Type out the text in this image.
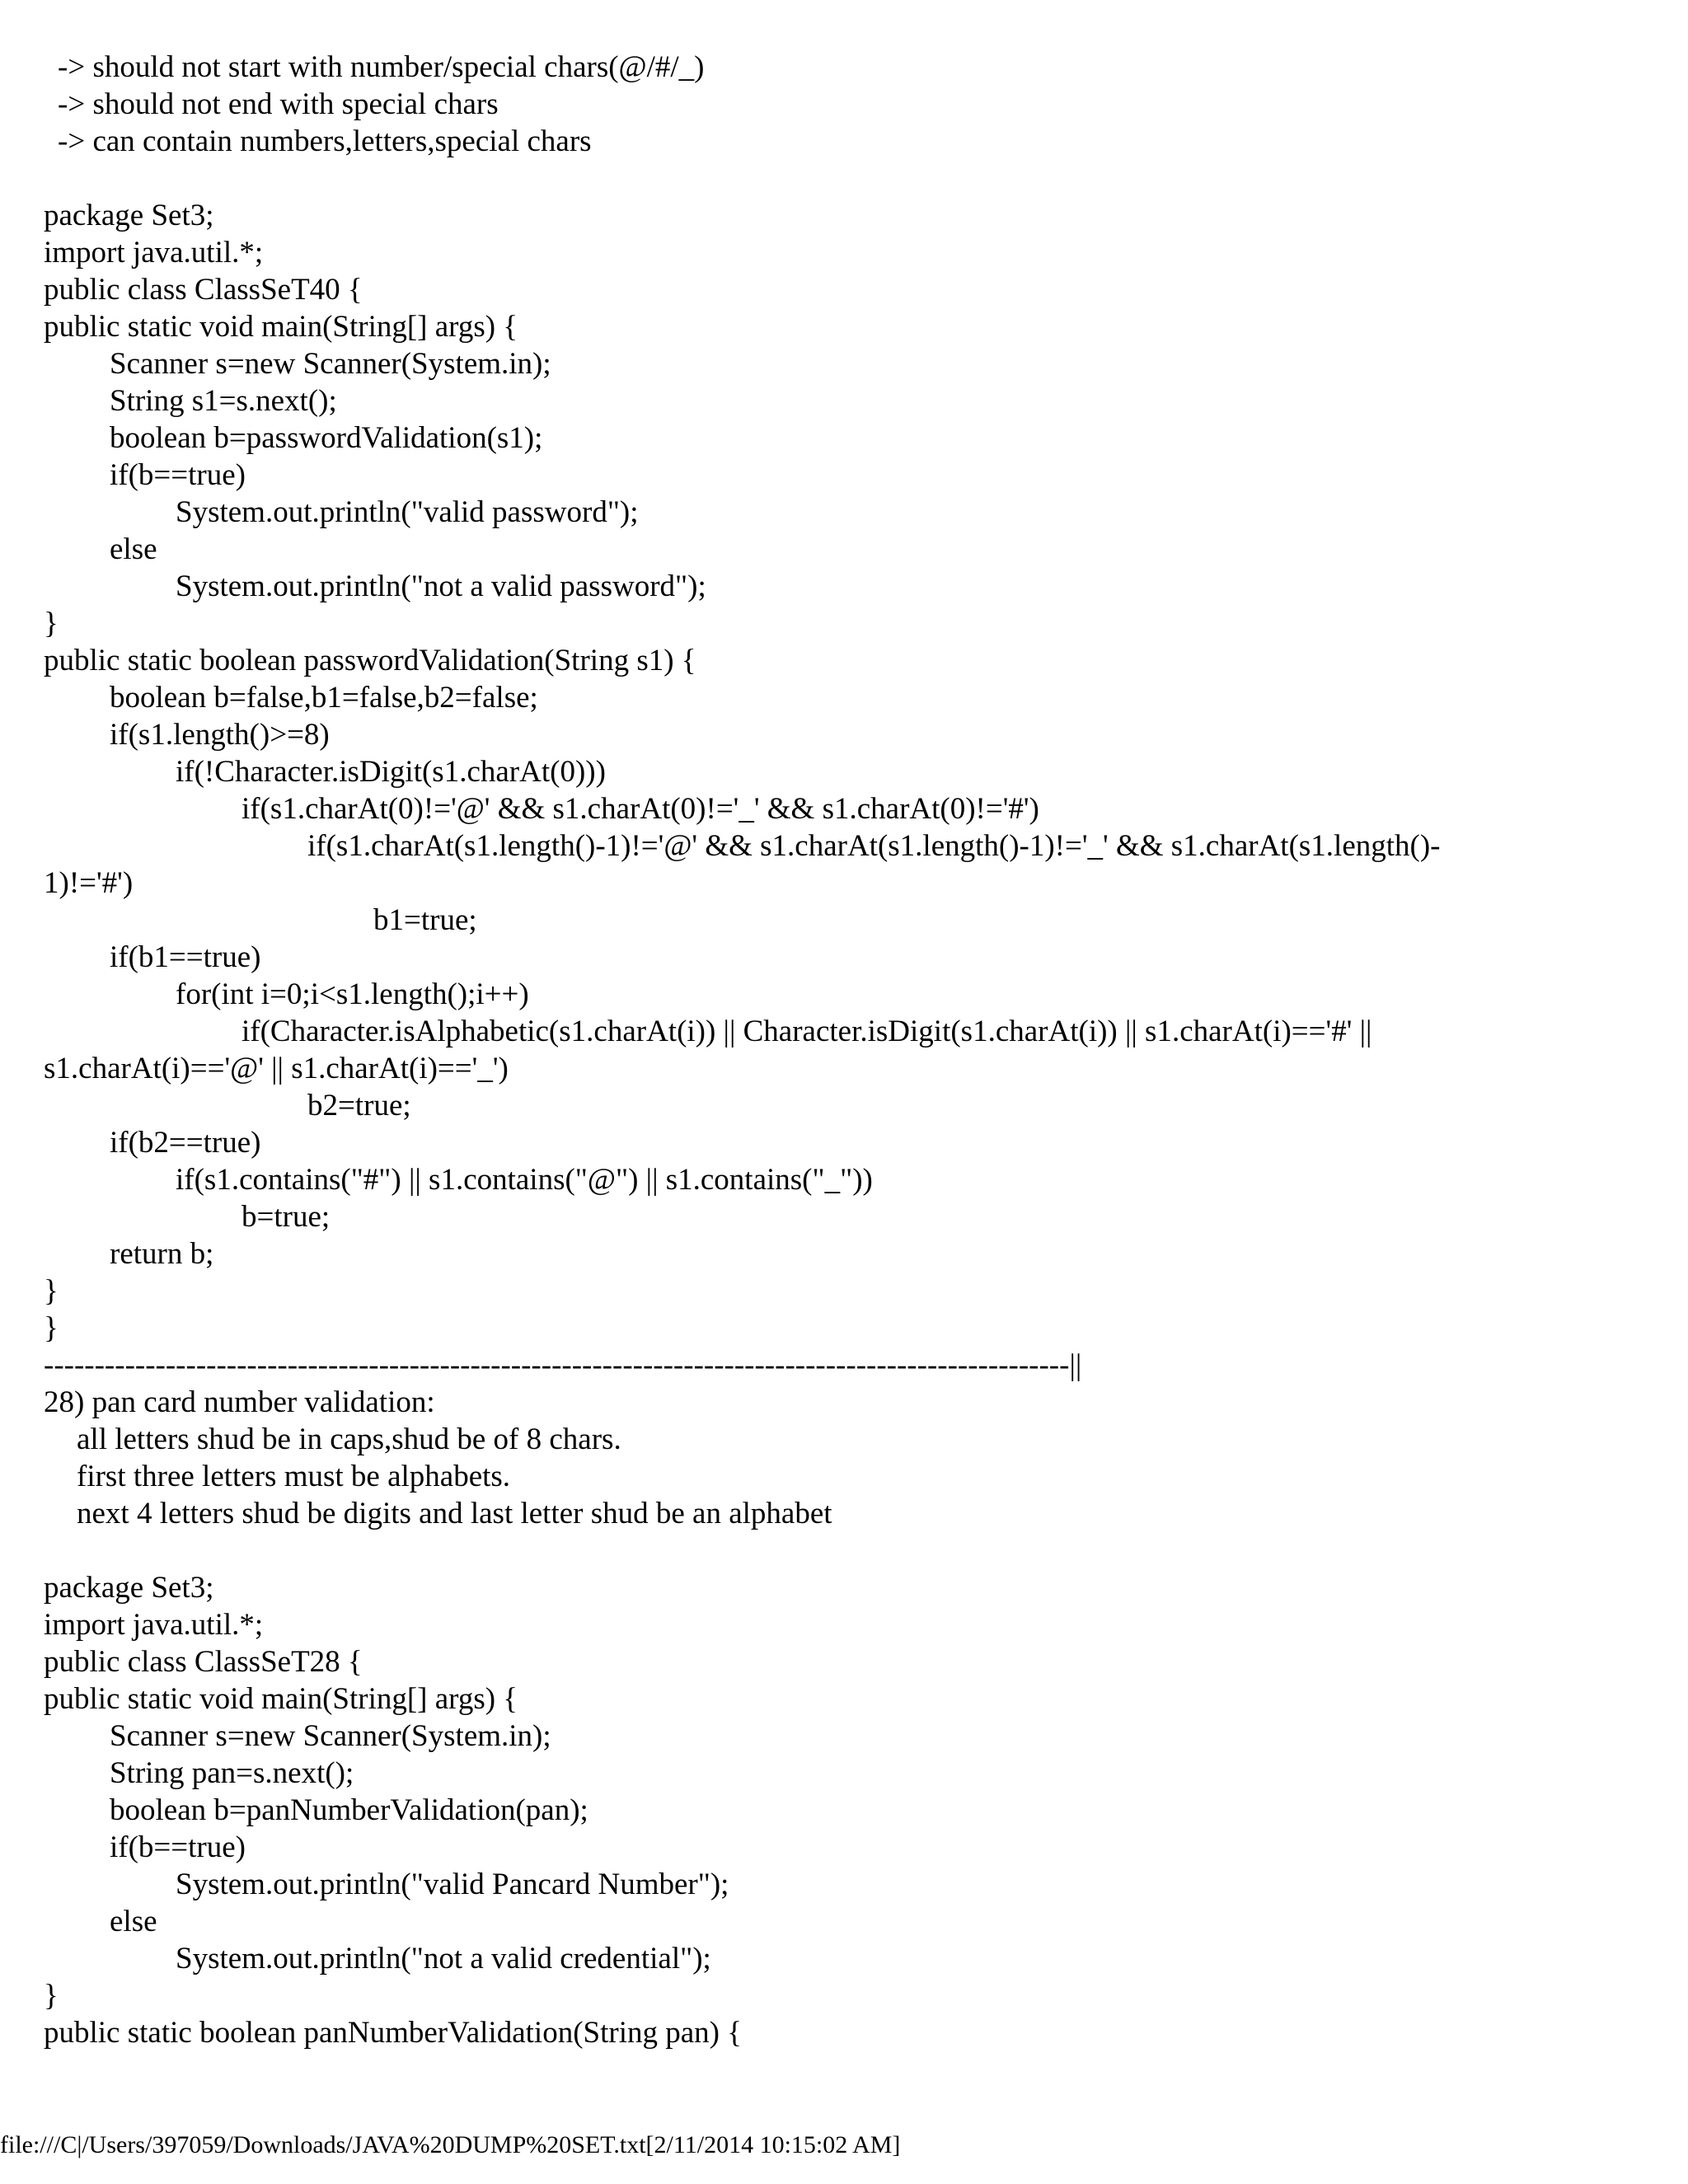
-> should not start with number/special chars(@/#/_)
-> should not end with special chars
-> can contain numbers,letters,special chars
package Set3;
import java.util.*;
public class ClassSeT40 {
public static void main(String[] args) {
Scanner s=new Scanner(System.in);
String s1=s.next();
boolean b=passwordValidation(s1);
if(b==true)
System.out.println("valid password");
else
System.out.println("not a valid password");
}
public static boolean passwordValidation(String s1) {
boolean b=false,b1=false,b2=false;
if(s1.length()>=8)
if(!Character.isDigit(s1.charAt(0)))
if(s1.charAt(0)!='@' && s1.charAt(0)!='_' && s1.charAt(0)!='#')
if(s1.charAt(s1.length()-1)!='@' && s1.charAt(s1.length()-1)!='_' && s1.charAt(s1.length()-
1)!='#')
b1=true;
if(b1==true)
for(int i=0;i<s1.length();i++)
if(Character.isAlphabetic(s1.charAt(i)) || Character.isDigit(s1.charAt(i)) || s1.charAt(i)=='#' ||
s1.charAt(i)=='@' || s1.charAt(i)=='_')
b2=true;
if(b2==true)
if(s1.contains("#") || s1.contains("@") || s1.contains("_"))
b=true;
return b;
}
}
-----------------------------------------------------------------------------------------------------||
28) pan card number validation:
all letters shud be in caps,shud be of 8 chars.
first three letters must be alphabets.
next 4 letters shud be digits and last letter shud be an alphabet
package Set3;
import java.util.*;
public class ClassSeT28 {
public static void main(String[] args) {
Scanner s=new Scanner(System.in);
String pan=s.next();
boolean b=panNumberValidation(pan);
if(b==true)
System.out.println("valid Pancard Number");
else
System.out.println("not a valid credential");
}
public static boolean panNumberValidation(String pan) {
file:///C|/Users/397059/Downloads/JAVA%20DUMP%20SET.txt[2/11/2014 10:15:02 AM]
